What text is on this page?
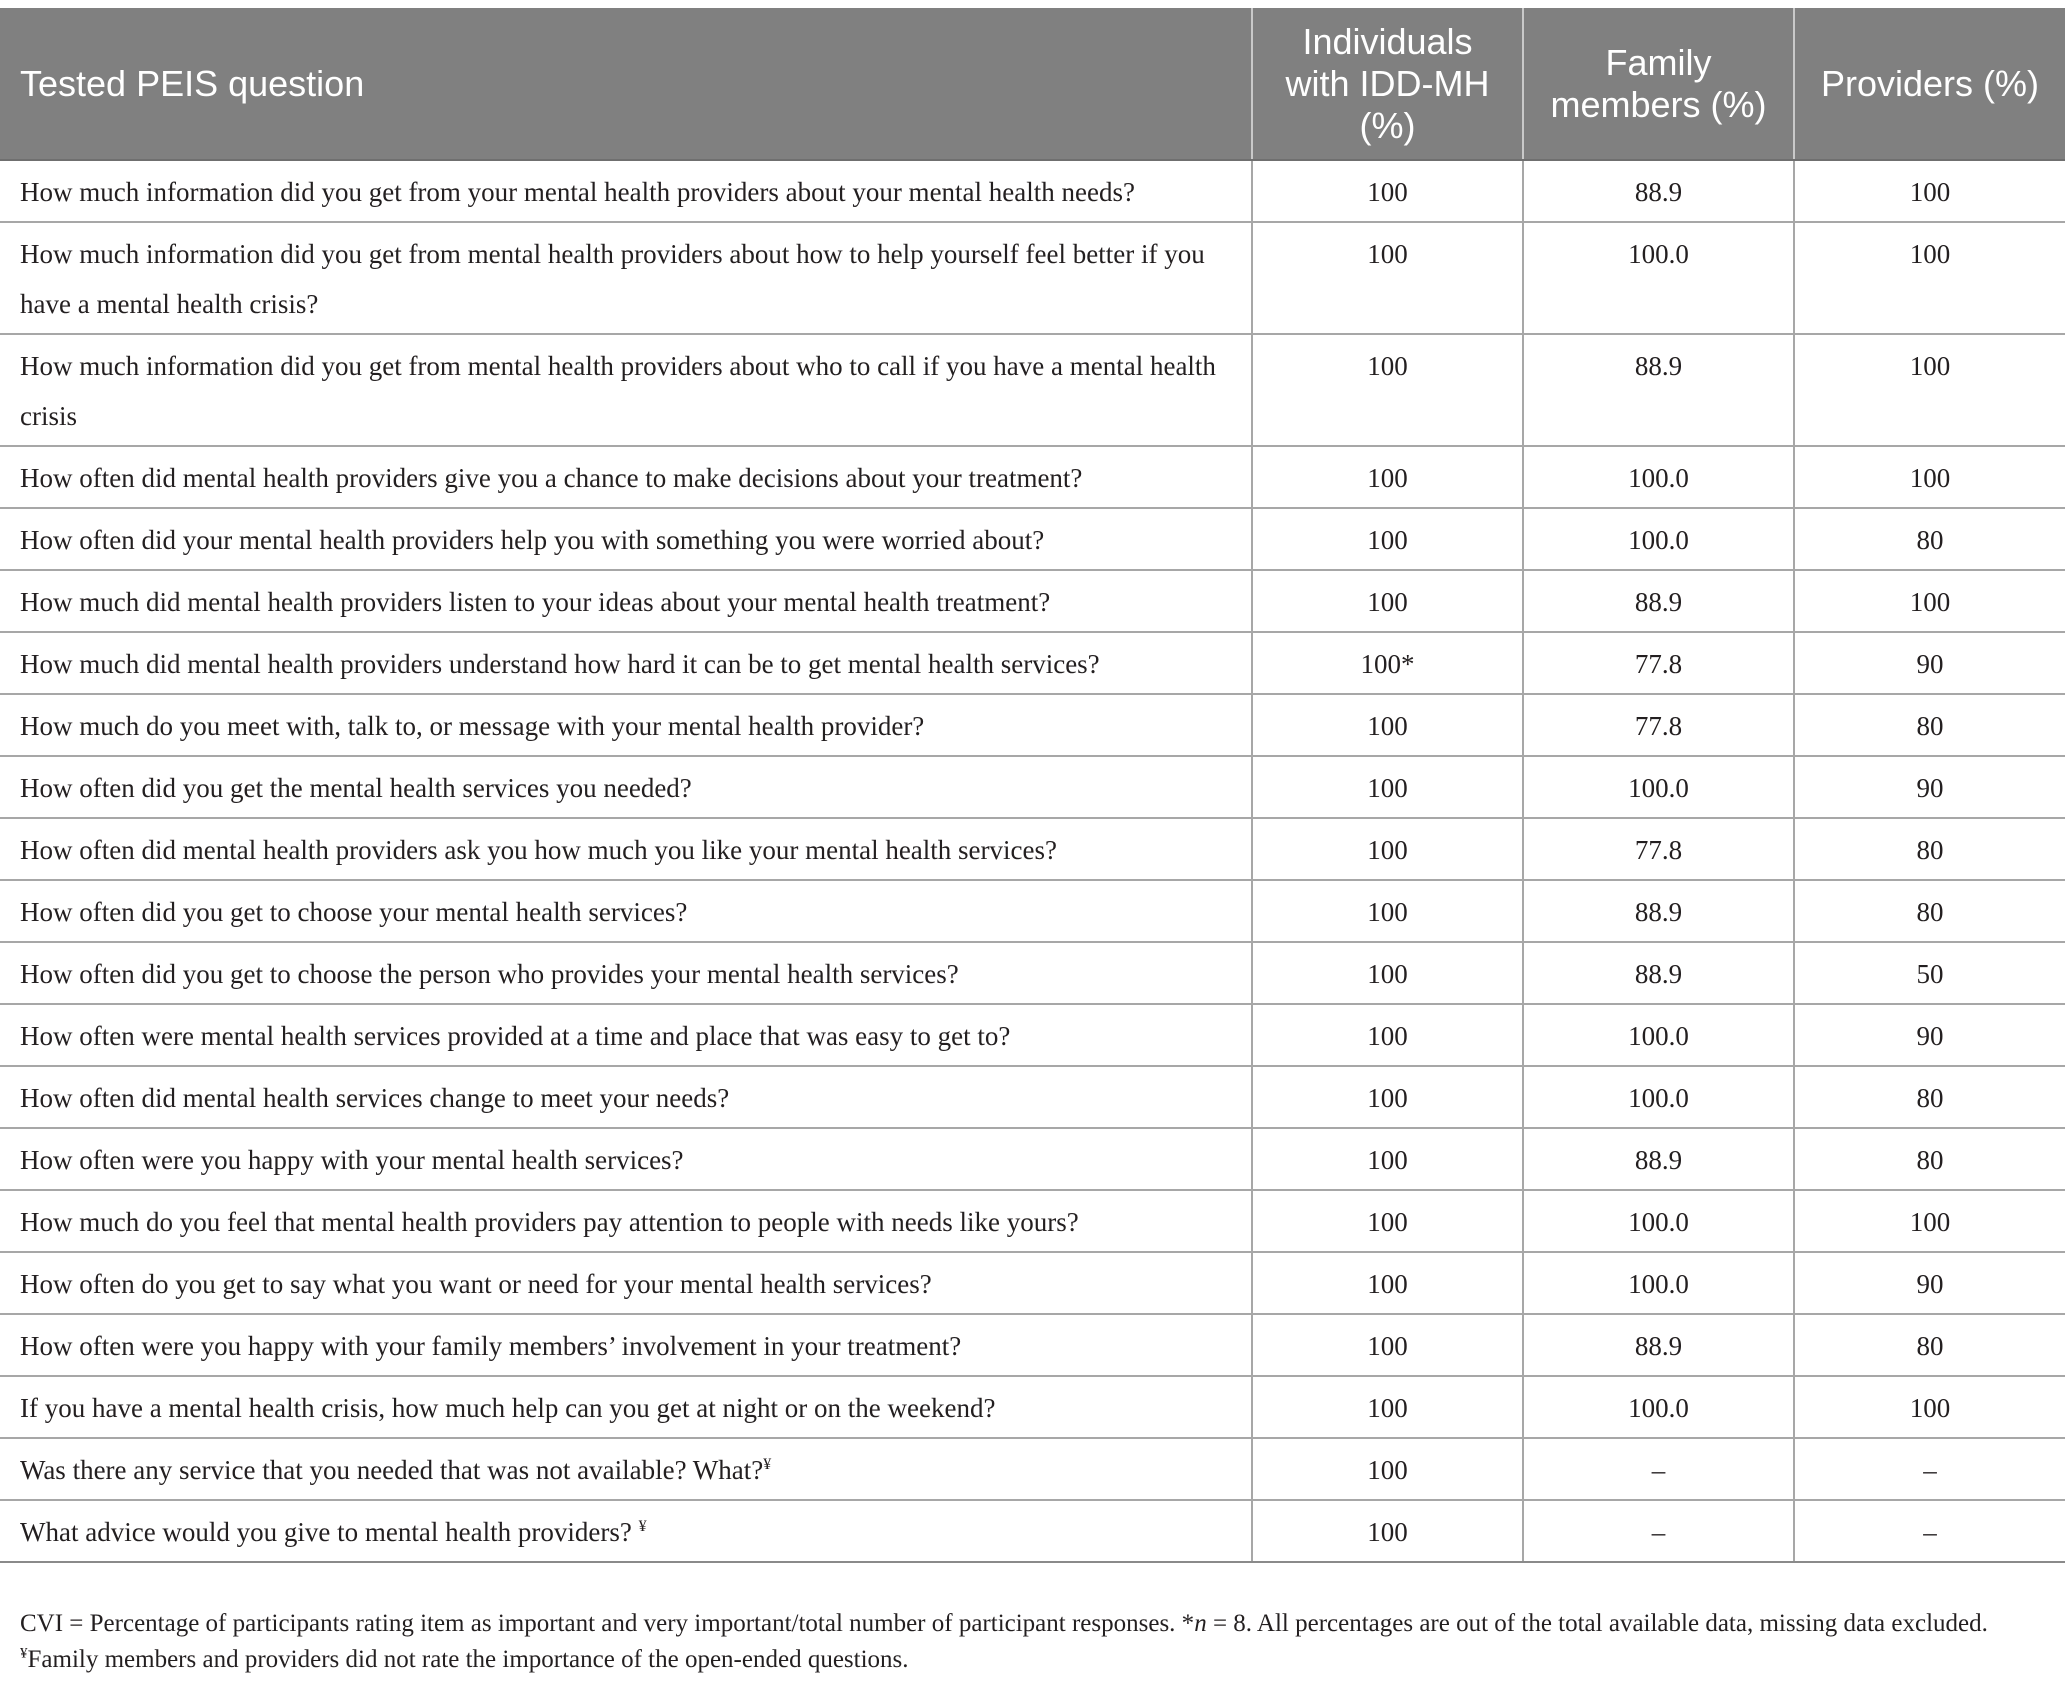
Tested PEIS question	Individuals with IDD-MH (%)	Family members (%)	Providers (%)
How much information did you get from your mental health providers about your mental health needs?	100	88.9	100
How much information did you get from mental health providers about how to help yourself feel better if you have a mental health crisis?	100	100.0	100
How much information did you get from mental health providers about who to call if you have a mental health crisis	100	88.9	100
How often did mental health providers give you a chance to make decisions about your treatment?	100	100.0	100
How often did your mental health providers help you with something you were worried about?	100	100.0	80
How much did mental health providers listen to your ideas about your mental health treatment?	100	88.9	100
How much did mental health providers understand how hard it can be to get mental health services?	100*	77.8	90
How much do you meet with, talk to, or message with your mental health provider?	100	77.8	80
How often did you get the mental health services you needed?	100	100.0	90
How often did mental health providers ask you how much you like your mental health services?	100	77.8	80
How often did you get to choose your mental health services?	100	88.9	80
How often did you get to choose the person who provides your mental health services?	100	88.9	50
How often were mental health services provided at a time and place that was easy to get to?	100	100.0	90
How often did mental health services change to meet your needs?	100	100.0	80
How often were you happy with your mental health services?	100	88.9	80
How much do you feel that mental health providers pay attention to people with needs like yours?	100	100.0	100
How often do you get to say what you want or need for your mental health services?	100	100.0	90
How often were you happy with your family members’ involvement in your treatment?	100	88.9	80
If you have a mental health crisis, how much help can you get at night or on the weekend?	100	100.0	100
Was there any service that you needed that was not available? What?¥	100	–	–
What advice would you give to mental health providers? ¥	100	–	–

CVI = Percentage of participants rating item as important and very important/total number of participant responses. *n = 8. All percentages are out of the total available data, missing data excluded. ¥Family members and providers did not rate the importance of the open-ended questions.
